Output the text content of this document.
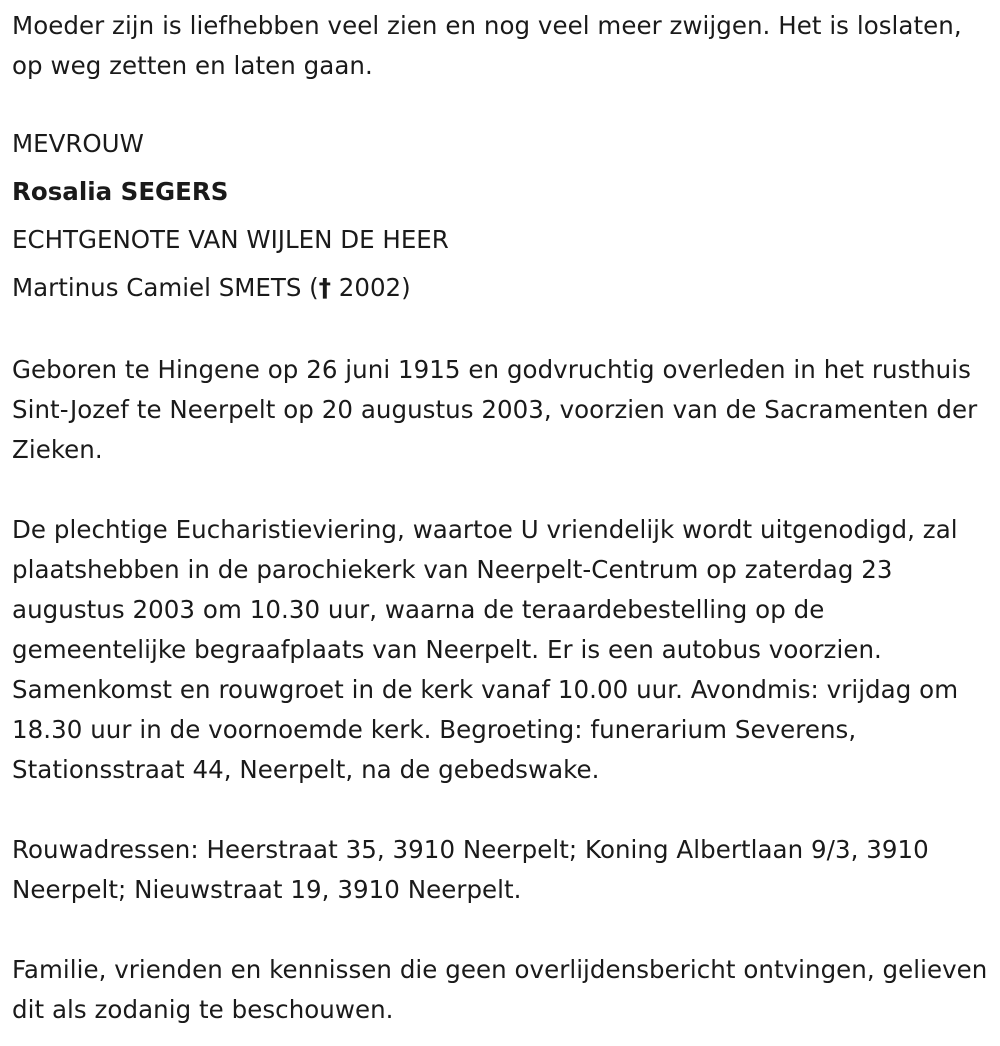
Moeder zijn is liefhebben veel zien en nog veel meer zwijgen. Het is loslaten, op weg zetten en laten gaan.

MEVROUW

Rosalia SEGERS

ECHTGENOTE VAN WIJLEN DE HEER

Martinus Camiel SMETS († 2002)

Geboren te Hingene op 26 juni 1915 en godvruchtig overleden in het rusthuis Sint-Jozef te Neerpelt op 20 augustus 2003, voorzien van de Sacramenten der Zieken.

De plechtige Eucharistieviering, waartoe U vriendelijk wordt uitgenodigd, zal plaatshebben in de parochiekerk van Neerpelt-Centrum op zaterdag 23 augustus 2003 om 10.30 uur, waarna de teraardebestelling op de gemeentelijke begraafplaats van Neerpelt. Er is een autobus voorzien. Samenkomst en rouwgroet in de kerk vanaf 10.00 uur. Avondmis: vrijdag om 18.30 uur in de voornoemde kerk. Begroeting: funerarium Severens, Stationsstraat 44, Neerpelt, na de gebedswake.

Rouwadressen: Heerstraat 35, 3910 Neerpelt; Koning Albertlaan 9/3, 3910 Neerpelt; Nieuwstraat 19, 3910 Neerpelt.

Familie, vrienden en kennissen die geen overlijdensbericht ontvingen, gelieven dit als zodanig te beschouwen.
